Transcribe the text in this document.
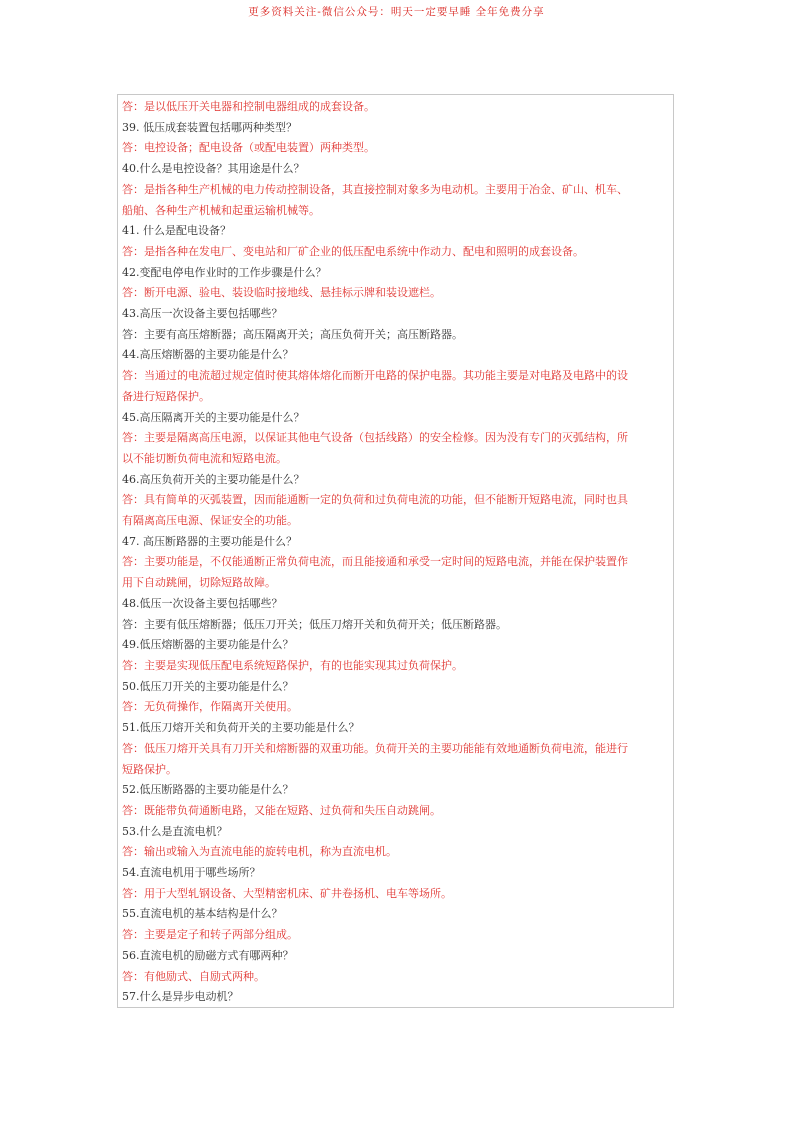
更多资料关注-微信公众号：明天一定要早睡 全年免费分享

答：是以低压开关电器和控制电器组成的成套设备。

39. 低压成套装置包括哪两种类型？

答：电控设备；配电设备（或配电装置）两种类型。

40.什么是电控设备？其用途是什么？

答：是指各种生产机械的电力传动控制设备，其直接控制对象多为电动机。主要用于冶金、矿山、机车、

船舶、各种生产机械和起重运输机械等。

41. 什么是配电设备？

答：是指各种在发电厂、变电站和厂矿企业的低压配电系统中作动力、配电和照明的成套设备。

42.变配电停电作业时的工作步骤是什么？

答：断开电源、验电、装设临时接地线、悬挂标示牌和装设遮栏。

43.高压一次设备主要包括哪些？

答：主要有高压熔断器；高压隔离开关；高压负荷开关；高压断路器。

44.高压熔断器的主要功能是什么？

答：当通过的电流超过规定值时使其熔体熔化而断开电路的保护电器。其功能主要是对电路及电路中的设

备进行短路保护。

45.高压隔离开关的主要功能是什么？

答：主要是隔离高压电源，以保证其他电气设备（包括线路）的安全检修。因为没有专门的灭弧结构，所

以不能切断负荷电流和短路电流。

46.高压负荷开关的主要功能是什么？

答：具有简单的灭弧装置，因而能通断一定的负荷和过负荷电流的功能，但不能断开短路电流，同时也具

有隔离高压电源、保证安全的功能。

47. 高压断路器的主要功能是什么？

答：主要功能是，不仅能通断正常负荷电流，而且能接通和承受一定时间的短路电流，并能在保护装置作

用下自动跳闸，切除短路故障。

48.低压一次设备主要包括哪些？

答：主要有低压熔断器；低压刀开关；低压刀熔开关和负荷开关；低压断路器。

49.低压熔断器的主要功能是什么？

答：主要是实现低压配电系统短路保护，有的也能实现其过负荷保护。

50.低压刀开关的主要功能是什么？

答：无负荷操作，作隔离开关使用。

51.低压刀熔开关和负荷开关的主要功能是什么？

答：低压刀熔开关具有刀开关和熔断器的双重功能。负荷开关的主要功能能有效地通断负荷电流，能进行

短路保护。

52.低压断路器的主要功能是什么？

答：既能带负荷通断电路，又能在短路、过负荷和失压自动跳闸。

53.什么是直流电机？

答：输出或输入为直流电能的旋转电机，称为直流电机。

54.直流电机用于哪些场所？

答：用于大型轧钢设备、大型精密机床、矿井卷扬机、电车等场所。

55.直流电机的基本结构是什么？

答：主要是定子和转子两部分组成。

56.直流电机的励磁方式有哪两种？

答：有他励式、自励式两种。

57.什么是异步电动机？
